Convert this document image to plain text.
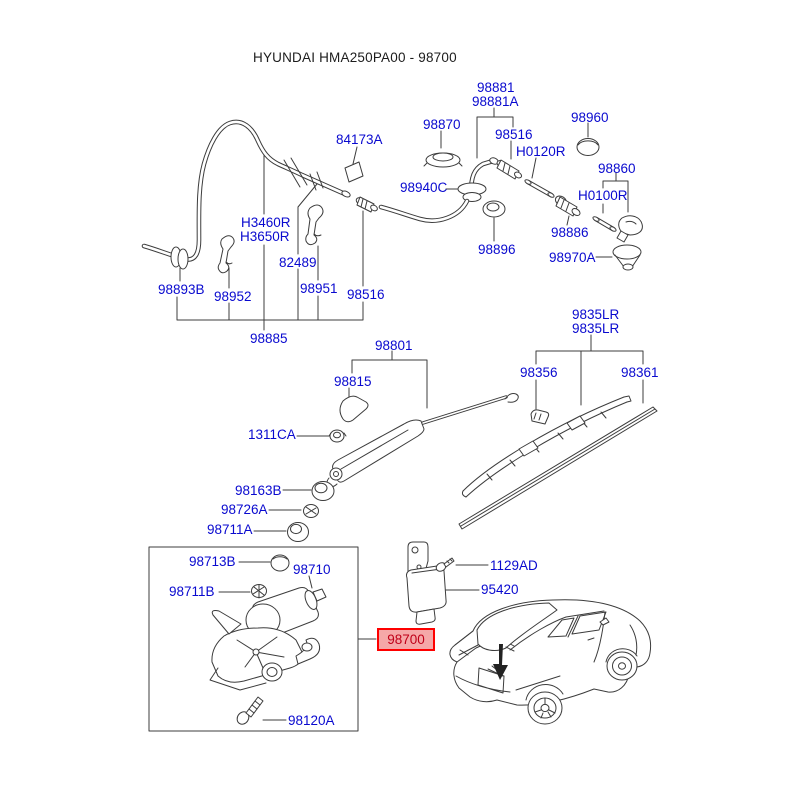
HYUNDAI HMA250PA00 - 98700
84173A
98870
98881
98881A
98516
H0120R
98960
98860
H0100R
98940C
98886
98896
98970A
H3460R
H3650R
82489
98893B 98952
98951 98516
98885	98801
98815
9835LR
9835LR
98356	98361
1311CA
98163B
98726A
98711A
98713B
98710
98711B
1129AD
95420
98120A
98700
